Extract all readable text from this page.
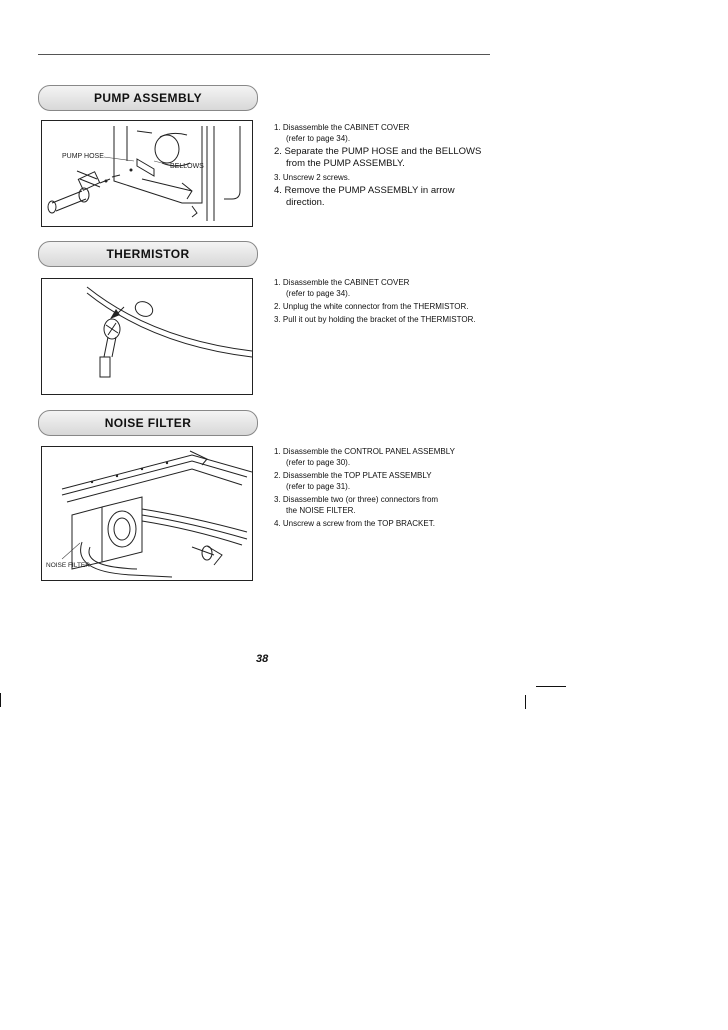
PUMP ASSEMBLY
PUMP HOSE
BELLOWS
1. Disassemble the CABINET COVER
(refer to page 34).
2. Separate the PUMP HOSE and the BELLOWS
from the PUMP ASSEMBLY.
3. Unscrew 2 screws.
4. Remove the PUMP ASSEMBLY in arrow
direction.
THERMISTOR
1. Disassemble the CABINET COVER
(refer to page 34).
2. Unplug the white connector from the THERMISTOR.
3. Pull it out by holding the bracket of the THERMISTOR.
NOISE FILTER
NOISE FILTER
1. Disassemble the CONTROL PANEL ASSEMBLY
(refer to page 30).
2. Disassemble the TOP PLATE ASSEMBLY
(refer to page 31).
3. Disassemble two (or three) connectors from
the NOISE FILTER.
4. Unscrew a screw from the TOP BRACKET.
38
